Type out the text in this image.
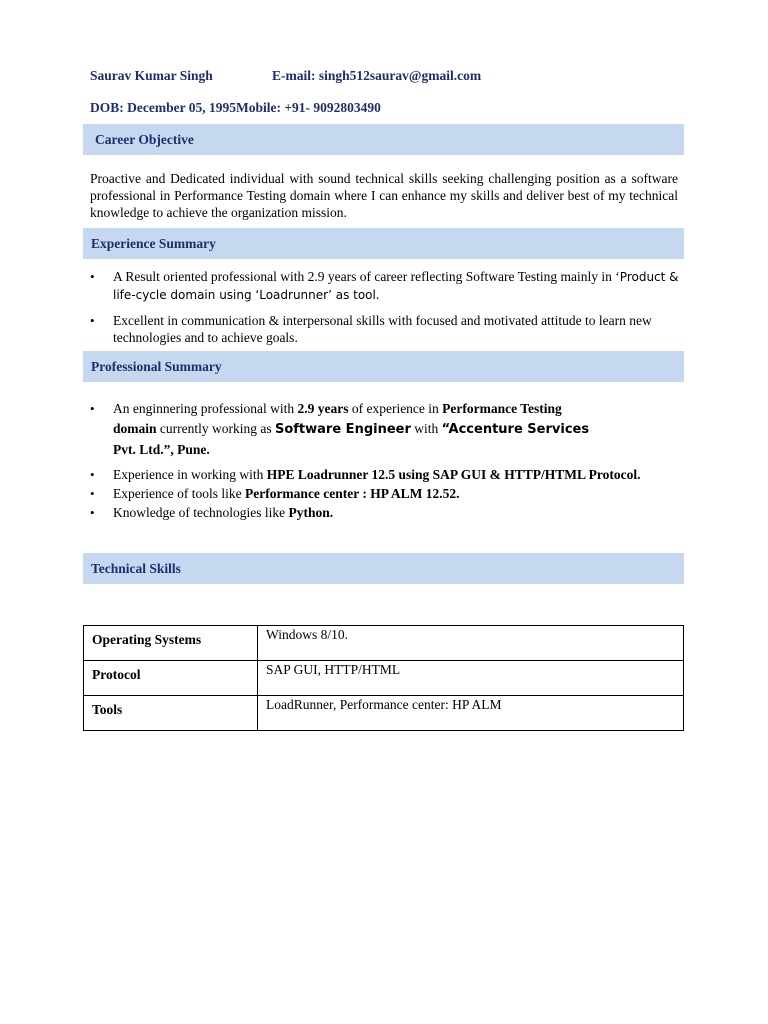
Saurav Kumar Singh	E-mail: singh512saurav@gmail.com
DOB: December 05, 1995 Mobile: +91- 9092803490
Career Objective
Proactive and Dedicated individual with sound technical skills seeking challenging position as a software professional in Performance Testing domain where I can enhance my skills and deliver best of my technical knowledge to achieve the organization mission.
Experience Summary
• A Result oriented professional with 2.9 years of career reflecting Software Testing mainly in ‘Product & life-cycle domain using ‘Loadrunner’ as tool.
• Excellent in communication & interpersonal skills with focused and motivated attitude to learn new technologies and to achieve goals.
Professional Summary
• An enginnering professional with 2.9 years of experience in Performance Testing
domain currently working as Software Engineer with “Accenture Services
Pvt. Ltd.”, Pune.
• Experience in working with HPE Loadrunner 12.5 using SAP GUI & HTTP/HTML Protocol.
• Experience of tools like Performance center : HP ALM 12.52.
• Knowledge of technologies like Python.
Technical Skills
Operating Systems	Windows 8/10.
Protocol	SAP GUI, HTTP/HTML
Tools	LoadRunner, Performance center: HP ALM
